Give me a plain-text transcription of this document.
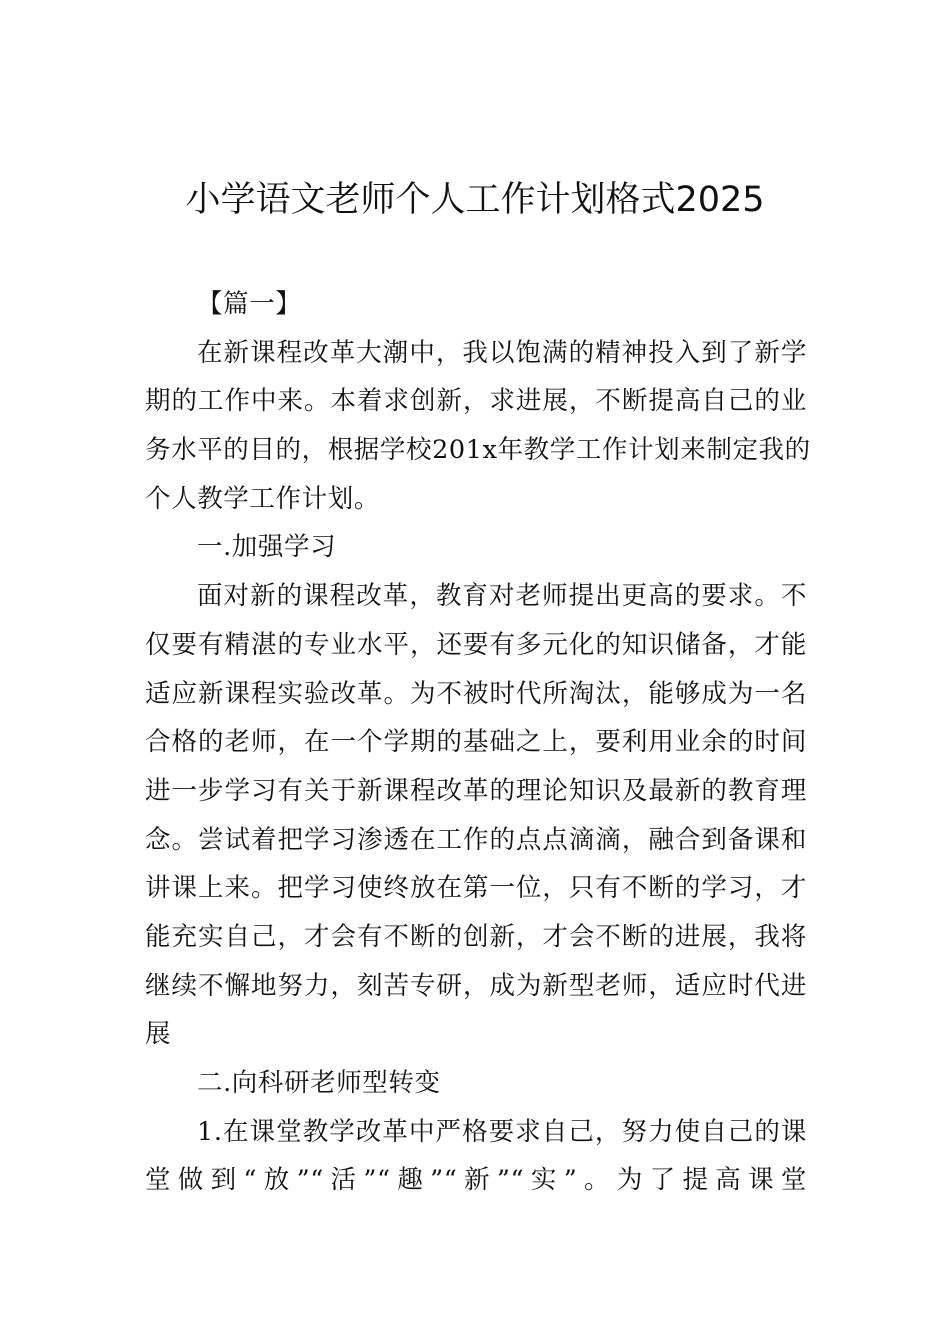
小学语文老师个人工作计划格式2025
【篇一】
在新课程改革大潮中，我以饱满的精神投入到了新学
期的工作中来。本着求创新，求进展，不断提高自己的业
务水平的目的，根据学校201x年教学工作计划来制定我的
个人教学工作计划。
一.加强学习
面对新的课程改革，教育对老师提出更高的要求。不
仅要有精湛的专业水平，还要有多元化的知识储备，才能
适应新课程实验改革。为不被时代所淘汰，能够成为一名
合格的老师，在一个学期的基础之上，要利用业余的时间
进一步学习有关于新课程改革的理论知识及最新的教育理
念。尝试着把学习渗透在工作的点点滴滴，融合到备课和
讲课上来。把学习使终放在第一位，只有不断的学习，才
能充实自己，才会有不断的创新，才会不断的进展，我将
继续不懈地努力，刻苦专研，成为新型老师，适应时代进
展
二.向科研老师型转变
1.在课堂教学改革中严格要求自己，努力使自己的课
堂做到“放”“活”“趣”“新”“实”。为了提高课堂
